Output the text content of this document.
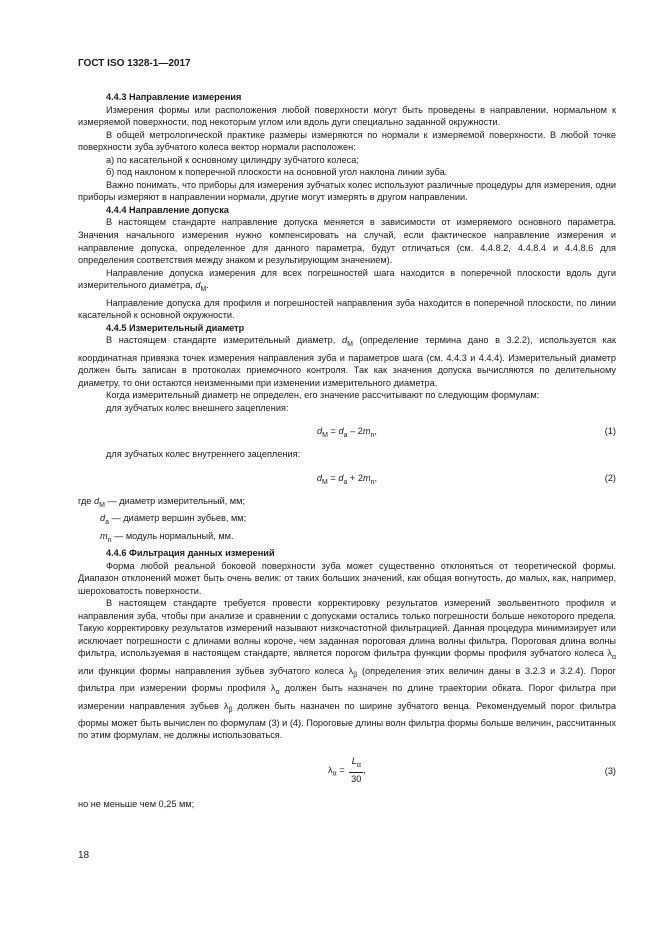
ГОСТ ISO 1328-1—2017

4.4.3 Направление измерения

Измерения формы или расположения любой поверхности могут быть проведены в направлении, нормальном к измеряемой поверхности, под некоторым углом или вдоль дуги специально заданной окружности.

В общей метрологической практике размеры измеряются по нормали к измеряемой поверхности. В любой точке поверхности зуба зубчатого колеса вектор нормали расположен:

а) по касательной к основному цилиндру зубчатого колеса;

б) под наклоном к поперечной плоскости на основной угол наклона линии зуба.

Важно понимать, что приборы для измерения зубчатых колес используют различные процедуры для измерения, одни приборы измеряют в направлении нормали, другие могут измерять в другом направлении.

4.4.4 Направление допуска

В настоящем стандарте направление допуска меняется в зависимости от измеряемого основного параметра. Значения начального измерения нужно компенсировать на случай, если фактическое направление измерения и направление допуска, определенное для данного параметра, будут отличаться (см. 4.4.8.2, 4.4.8.4 и 4.4.8.6 для определения соответствия между знаком и результирующим значением).

Направление допуска измерения для всех погрешностей шага находится в поперечной плоскости вдоль дуги измерительного диаметра, $d_M$.

Направление допуска для профиля и погрешностей направления зуба находится в поперечной плоскости, по линии касательной к основной окружности.

4.4.5 Измерительный диаметр

В настоящем стандарте измерительный диаметр, $d_M$ (определение термина дано в 3.2.2), используется как координатная привязка точек измерения направления зуба и параметров шага (см. 4.4.3 и 4.4.4). Измерительный диаметр должен быть записан в протоколах приемочного контроля. Так как значения допуска вычисляются по делительному диаметру, то они остаются неизменными при изменении измерительного диаметра.

Когда измерительный диаметр не определен, его значение рассчитывают по следующим формулам:

для зубчатых колес внешнего зацепления:

$d_M = d_a - 2m_n$,	(1)

для зубчатых колес внутреннего зацепления:

$d_M = d_a + 2m_n$,	(2)

где $d_M$ — диаметр измерительный, мм;

$d_a$ — диаметр вершин зубьев, мм;

$m_n$ — модуль нормальный, мм.

4.4.6 Фильтрация данных измерений

Форма любой реальной боковой поверхности зуба может существенно отклоняться от теоретической формы. Диапазон отклонений может быть очень велик: от таких больших значений, как общая вогнутость, до малых, как, например, шероховатость поверхности.

В настоящем стандарте требуется провести корректировку результатов измерений эвольвентного профиля и направления зуба, чтобы при анализе и сравнении с допусками остались только погрешности больше некоторого предела. Такую корректировку результатов измерений называют низкочастотной фильтрацией. Данная процедура минимизирует или исключает погрешности с длинами волны короче, чем заданная пороговая длина волны фильтра. Пороговая длина волны фильтра, используемая в настоящем стандарте, является порогом фильтра функции формы профиля зубчатого колеса $\lambda_\alpha$ или функции формы направления зубьев зубчатого колеса $\lambda_\beta$ (определения этих величин даны в 3.2.3 и 3.2.4). Порог фильтра при измерении формы профиля $\lambda_\alpha$ должен быть назначен по длине траектории обката. Порог фильтра при измерении направления зубьев $\lambda_\beta$ должен быть назначен по ширине зубчатого венца. Рекомендуемый порог фильтра формы может быть вычислен по формулам (3) и (4). Пороговые длины волн фильтра формы больше величин, рассчитанных по этим формулам, не должны использоваться.

$\lambda_\alpha = \frac{L_\alpha}{30}$ ,	(3)

но не меньше чем 0,25 мм;

18
